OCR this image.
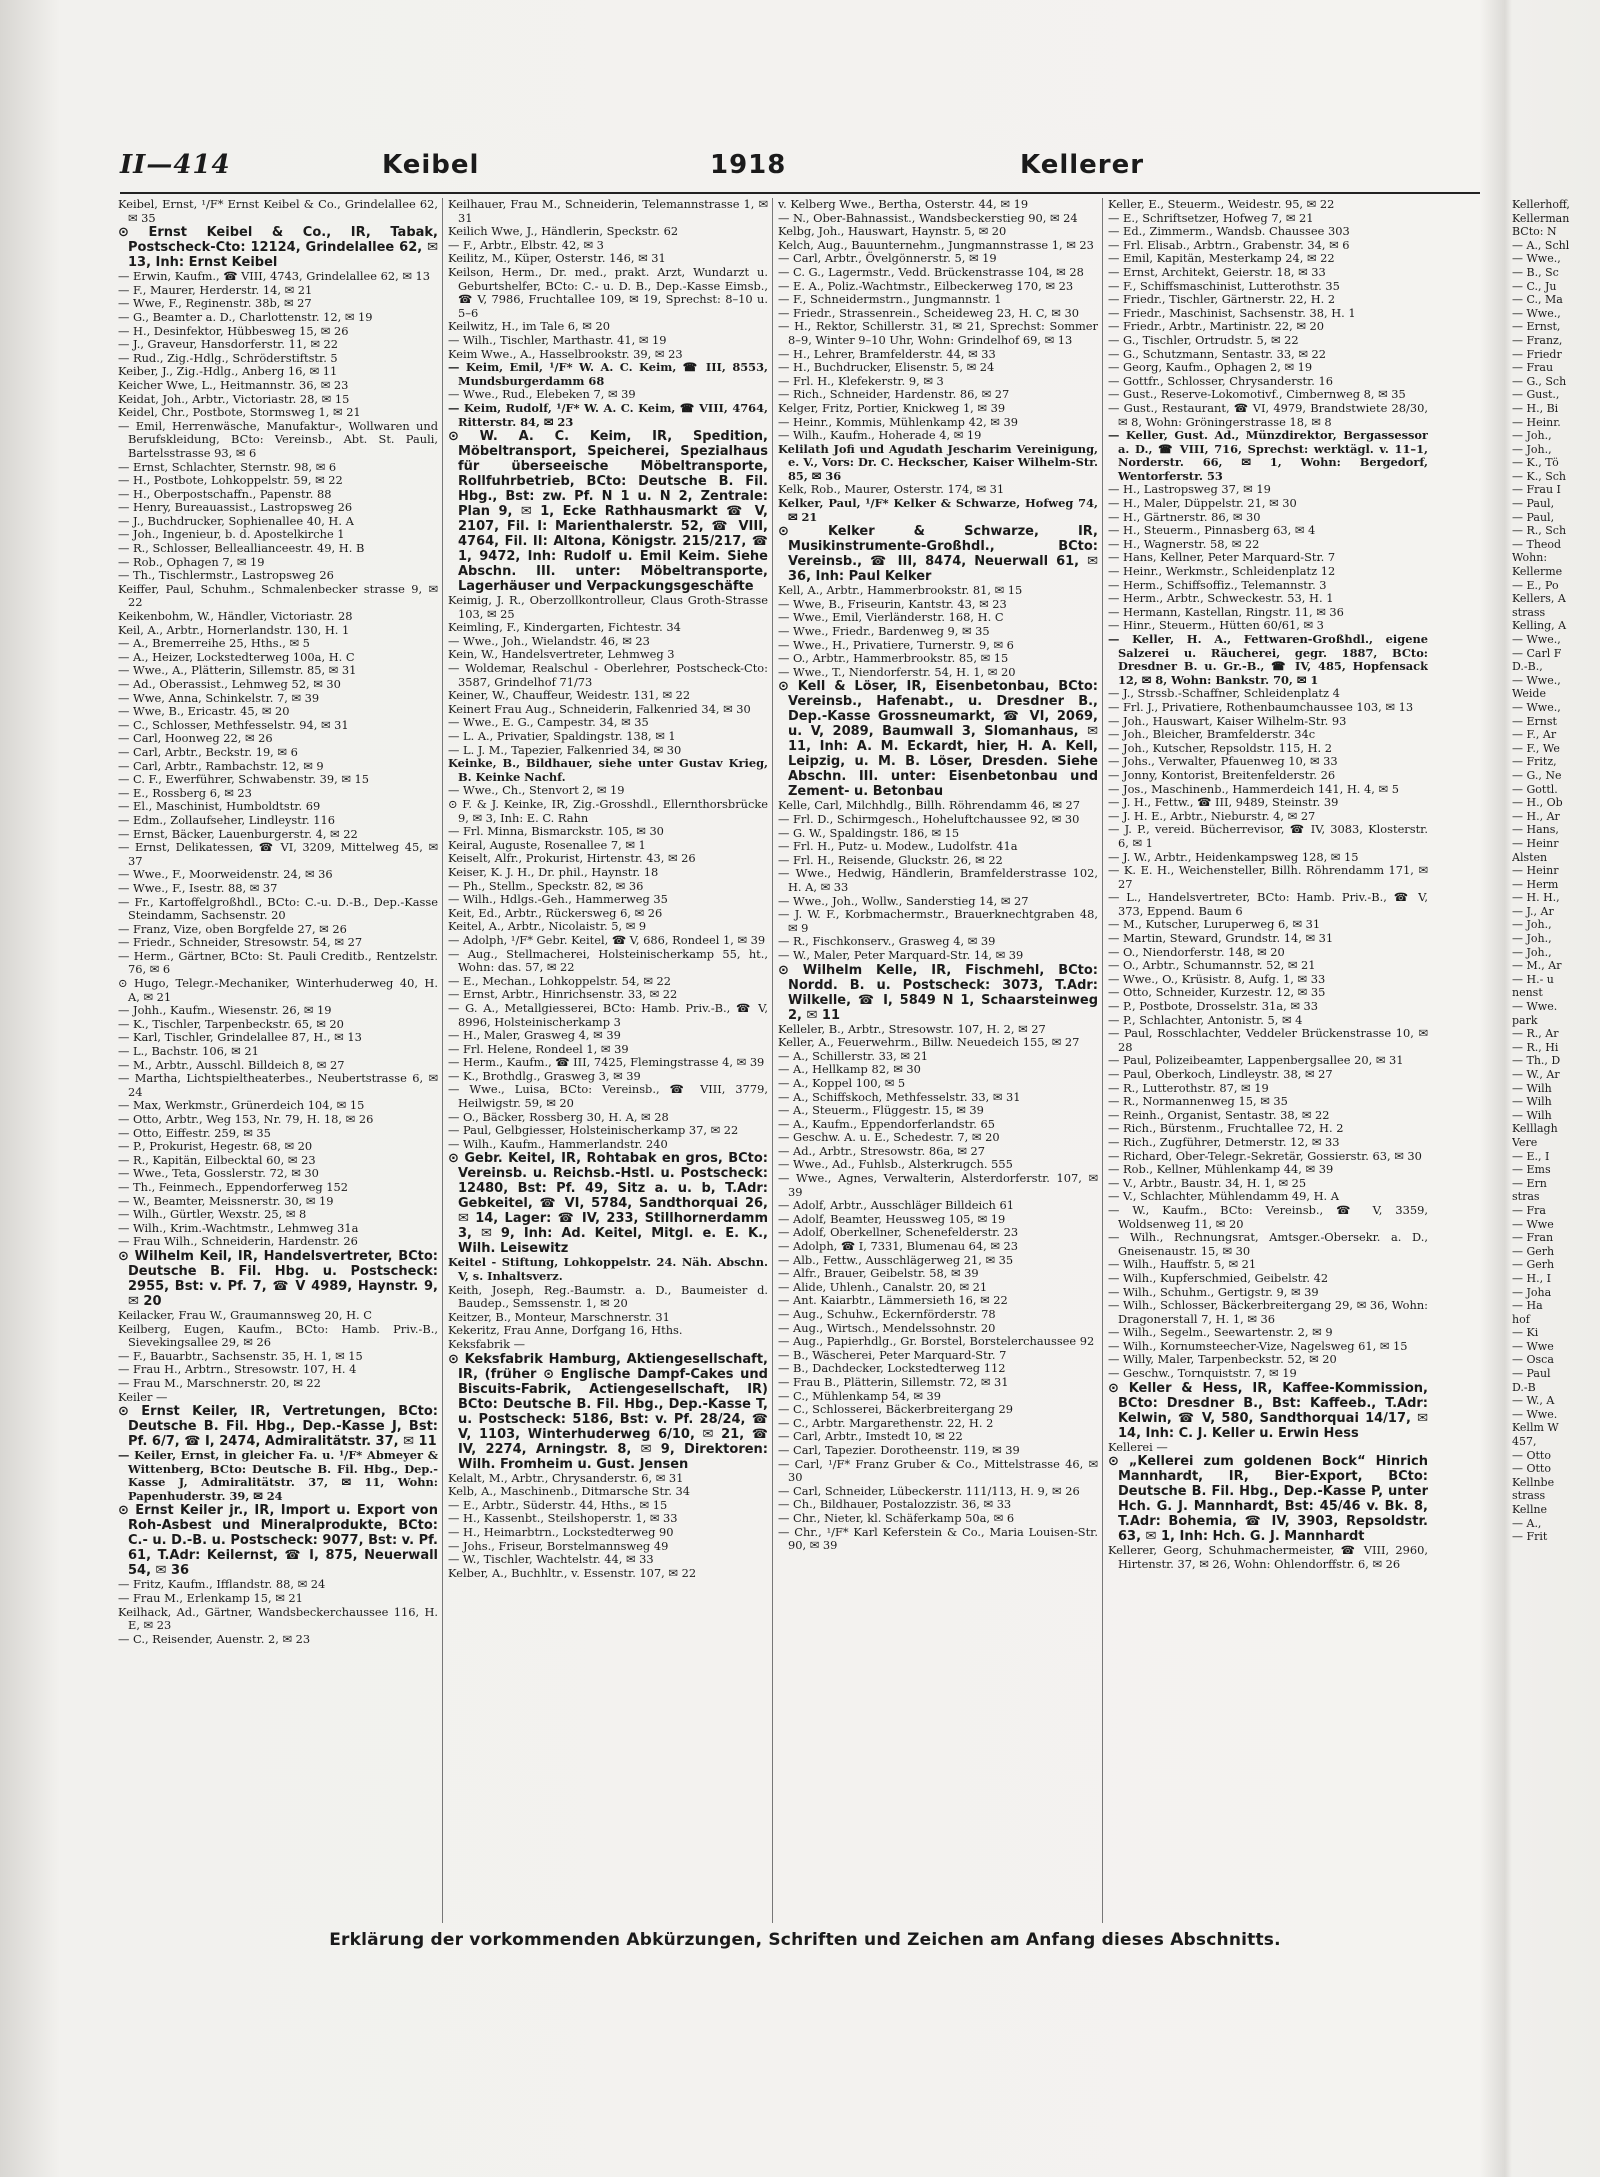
II—414	Keibel	1918	Kellerer

Keibel, Ernst, ¹/F* Ernst Keibel & Co., Grindelallee 62, ✉ 35

⊙ Ernst Keibel & Co., IR, Tabak, Postscheck-Cto: 12124, Grindelallee 62, ✉ 13, Inh: Ernst Keibel

— Erwin, Kaufm., ☎ VIII, 4743, Grindelallee 62, ✉ 13

— F., Maurer, Herderstr. 14, ✉ 21

— Wwe, F., Reginenstr. 38b, ✉ 27

— G., Beamter a. D., Charlottenstr. 12, ✉ 19

— H., Desinfektor, Hübbesweg 15, ✉ 26

— J., Graveur, Hansdorferstr. 11, ✉ 22

— Rud., Zig.-Hdlg., Schröderstiftstr. 5

Keiber, J., Zig.-Hdlg., Anberg 16, ✉ 11

Keicher Wwe, L., Heitmannstr. 36, ✉ 23

Keidat, Joh., Arbtr., Victoriastr. 28, ✉ 15

Keidel, Chr., Postbote, Stormsweg 1, ✉ 21

— Emil, Herrenwäsche, Manufaktur-, Wollwaren und Berufskleidung, BCto: Vereinsb., Abt. St. Pauli, Bartelsstrasse 93, ✉ 6

— Ernst, Schlachter, Sternstr. 98, ✉ 6

— H., Postbote, Lohkoppelstr. 59, ✉ 22

— H., Oberpostschaffn., Papenstr. 88

— Henry, Bureauassist., Lastropsweg 26

— J., Buchdrucker, Sophienallee 40, H. A

— Joh., Ingenieur, b. d. Apostelkirche 1

— R., Schlosser, Belleallianceestr. 49, H. B

— Rob., Ophagen 7, ✉ 19

— Th., Tischlermstr., Lastropsweg 26

Keiffer, Paul, Schuhm., Schmalenbecker strasse 9, ✉ 22

Keikenbohm, W., Händler, Victoriastr. 28

Keil, A., Arbtr., Hornerlandstr. 130, H. 1

— A., Bremerreihe 25, Hths., ✉ 5

— A., Heizer, Lockstedterweg 100a, H. C

— Wwe., A., Plätterin, Sillemstr. 85, ✉ 31

— Ad., Oberassist., Lehmweg 52, ✉ 30

— Wwe, Anna, Schinkelstr. 7, ✉ 39

— Wwe, B., Ericastr. 45, ✉ 20

— C., Schlosser, Methfesselstr. 94, ✉ 31

— Carl, Hoonweg 22, ✉ 26

— Carl, Arbtr., Beckstr. 19, ✉ 6

— Carl, Arbtr., Rambachstr. 12, ✉ 9

— C. F., Ewerführer, Schwabenstr. 39, ✉ 15

— E., Rossberg 6, ✉ 23

— El., Maschinist, Humboldtstr. 69

— Edm., Zollaufseher, Lindleystr. 116

— Ernst, Bäcker, Lauenburgerstr. 4, ✉ 22

— Ernst, Delikatessen, ☎ VI, 3209, Mittelweg 45, ✉ 37

— Wwe., F., Moorweidenstr. 24, ✉ 36

— Wwe., F., Isestr. 88, ✉ 37

— Fr., Kartoffelgroßhdl., BCto: C.-u. D.-B., Dep.-Kasse Steindamm, Sachsenstr. 20

— Franz, Vize, oben Borgfelde 27, ✉ 26

— Friedr., Schneider, Stresowstr. 54, ✉ 27

— Herm., Gärtner, BCto: St. Pauli Creditb., Rentzelstr. 76, ✉ 6

⊙ Hugo, Telegr.-Mechaniker, Winterhuderweg 40, H. A, ✉ 21

— Johh., Kaufm., Wiesenstr. 26, ✉ 19

— K., Tischler, Tarpenbeckstr. 65, ✉ 20

— Karl, Tischler, Grindelallee 87, H., ✉ 13

— L., Bachstr. 106, ✉ 21

— M., Arbtr., Ausschl. Billdeich 8, ✉ 27

— Martha, Lichtspieltheaterbes., Neubertstrasse 6, ✉ 24

— Max, Werkmstr., Grünerdeich 104, ✉ 15

— Otto, Arbtr., Weg 153, Nr. 79, H. 18, ✉ 26

— Otto, Eiffestr. 259, ✉ 35

— P., Prokurist, Hegestr. 68, ✉ 20

— R., Kapitän, Eilbecktal 60, ✉ 23

— Wwe., Teta, Gosslerstr. 72, ✉ 30

— Th., Feinmech., Eppendorferweg 152

— W., Beamter, Meissnerstr. 30, ✉ 19

— Wilh., Gürtler, Wexstr. 25, ✉ 8

— Wilh., Krim.-Wachtmstr., Lehmweg 31a

— Frau Wilh., Schneiderin, Hardenstr. 26

⊙ Wilhelm Keil, IR, Handelsvertreter, BCto: Deutsche B. Fil. Hbg. u. Postscheck: 2955, Bst: v. Pf. 7, ☎ V 4989, Haynstr. 9, ✉ 20

Keilacker, Frau W., Graumannsweg 20, H. C

Keilberg, Eugen, Kaufm., BCto: Hamb. Priv.-B., Sievekingsallee 29, ✉ 26

— F., Bauarbtr., Sachsenstr. 35, H. 1, ✉ 15

— Frau H., Arbtrn., Stresowstr. 107, H. 4

— Frau M., Marschnerstr. 20, ✉ 22

Keiler —

⊙ Ernst Keiler, IR, Vertretungen, BCto: Deutsche B. Fil. Hbg., Dep.-Kasse J, Bst: Pf. 6/7, ☎ I, 2474, Admiralitätstr. 37, ✉ 11

— Keiler, Ernst, in gleicher Fa. u. ¹/F* Abmeyer & Wittenberg, BCto: Deutsche B. Fil. Hbg., Dep.-Kasse J, Admiralitätstr. 37, ✉ 11, Wohn: Papenhuderstr. 39, ✉ 24

⊙ Ernst Keiler jr., IR, Import u. Export von Roh-Asbest und Mineralprodukte, BCto: C.- u. D.-B. u. Postscheck: 9077, Bst: v. Pf. 61, T.Adr: Keilernst, ☎ I, 875, Neuerwall 54, ✉ 36

— Fritz, Kaufm., Ifflandstr. 88, ✉ 24

— Frau M., Erlenkamp 15, ✉ 21

Keilhack, Ad., Gärtner, Wandsbeckerchaussee 116, H. E, ✉ 23

— C., Reisender, Auenstr. 2, ✉ 23

Keilhauer, Frau M., Schneiderin, Telemannstrasse 1, ✉ 31

Keilich Wwe, J., Händlerin, Speckstr. 62

— F., Arbtr., Elbstr. 42, ✉ 3

Keilitz, M., Küper, Osterstr. 146, ✉ 31

Keilson, Herm., Dr. med., prakt. Arzt, Wundarzt u. Geburtshelfer, BCto: C.- u. D. B., Dep.-Kasse Eimsb., ☎ V, 7986, Fruchtallee 109, ✉ 19, Sprechst: 8–10 u. 5–6

Keilwitz, H., im Tale 6, ✉ 20

— Wilh., Tischler, Marthastr. 41, ✉ 19

Keim Wwe., A., Hasselbrookstr. 39, ✉ 23

— Keim, Emil, ¹/F* W. A. C. Keim, ☎ III, 8553, Mundsburgerdamm 68

— Wwe., Rud., Elebeken 7, ✉ 39

— Keim, Rudolf, ¹/F* W. A. C. Keim, ☎ VIII, 4764, Ritterstr. 84, ✉ 23

⊙ W. A. C. Keim, IR, Spedition, Möbeltransport, Speicherei, Spezialhaus für überseeische Möbeltransporte, Rollfuhrbetrieb, BCto: Deutsche B. Fil. Hbg., Bst: zw. Pf. N 1 u. N 2, Zentrale: Plan 9, ✉ 1, Ecke Rathhausmarkt ☎ V, 2107, Fil. I: Marienthalerstr. 52, ☎ VIII, 4764, Fil. II: Altona, Königstr. 215/217, ☎ 1, 9472, Inh: Rudolf u. Emil Keim. Siehe Abschn. III. unter: Möbeltransporte, Lagerhäuser und Verpackungsgeschäfte

Keimig, J. R., Oberzollkontrolleur, Claus Groth-Strasse 103, ✉ 25

Keimling, F., Kindergarten, Fichtestr. 34

— Wwe., Joh., Wielandstr. 46, ✉ 23

Kein, W., Handelsvertreter, Lehmweg 3

— Woldemar, Realschul - Oberlehrer, Postscheck-Cto: 3587, Grindelhof 71/73

Keiner, W., Chauffeur, Weidestr. 131, ✉ 22

Keinert Frau Aug., Schneiderin, Falkenried 34, ✉ 30

— Wwe., E. G., Campestr. 34, ✉ 35

— L. A., Privatier, Spaldingstr. 138, ✉ 1

— L. J. M., Tapezier, Falkenried 34, ✉ 30

Keinke, B., Bildhauer, siehe unter Gustav Krieg, B. Keinke Nachf.

— Wwe., Ch., Stenvort 2, ✉ 19

⊙ F. & J. Keinke, IR, Zig.-Grosshdl., Ellernthorsbrücke 9, ✉ 3, Inh: E. C. Rahn

— Frl. Minna, Bismarckstr. 105, ✉ 30

Keiral, Auguste, Rosenallee 7, ✉ 1

Keiselt, Alfr., Prokurist, Hirtenstr. 43, ✉ 26

Keiser, K. J. H., Dr. phil., Haynstr. 18

— Ph., Stellm., Speckstr. 82, ✉ 36

— Wilh., Hdlgs.-Geh., Hammerweg 35

Keit, Ed., Arbtr., Rückersweg 6, ✉ 26

Keitel, A., Arbtr., Nicolaistr. 5, ✉ 9

— Adolph, ¹/F* Gebr. Keitel, ☎ V, 686, Rondeel 1, ✉ 39

— Aug., Stellmacherei, Holsteinischerkamp 55, ht., Wohn: das. 57, ✉ 22

— E., Mechan., Lohkoppelstr. 54, ✉ 22

— Ernst, Arbtr., Hinrichsenstr. 33, ✉ 22

— G. A., Metallgiesserei, BCto: Hamb. Priv.-B., ☎ V, 8996, Holsteinischerkamp 3

— H., Maler, Grasweg 4, ✉ 39

— Frl. Helene, Rondeel 1, ✉ 39

— Herm., Kaufm., ☎ III, 7425, Flemingstrasse 4, ✉ 39

— K., Brothdlg., Grasweg 3, ✉ 39

— Wwe., Luisa, BCto: Vereinsb., ☎ VIII, 3779, Heilwigstr. 59, ✉ 20

— O., Bäcker, Rossberg 30, H. A, ✉ 28

— Paul, Gelbgiesser, Holsteinischerkamp 37, ✉ 22

— Wilh., Kaufm., Hammerlandstr. 240

⊙ Gebr. Keitel, IR, Rohtabak en gros, BCto: Vereinsb. u. Reichsb.-Hstl. u. Postscheck: 12480, Bst: Pf. 49, Sitz a. u. b, T.Adr: Gebkeitel, ☎ VI, 5784, Sandthorquai 26, ✉ 14, Lager: ☎ IV, 233, Stillhornerdamm 3, ✉ 9, Inh: Ad. Keitel, Mitgl. e. E. K., Wilh. Leisewitz

Keitel - Stiftung, Lohkoppelstr. 24. Näh. Abschn. V, s. Inhaltsverz.

Keith, Joseph, Reg.-Baumstr. a. D., Baumeister d. Baudep., Semssenstr. 1, ✉ 20

Keitzer, B., Monteur, Marschnerstr. 31

Kekeritz, Frau Anne, Dorfgang 16, Hths.

Keksfabrik —

⊙ Keksfabrik Hamburg, Aktiengesellschaft, IR, (früher ⊙ Englische Dampf-Cakes und Biscuits-Fabrik, Actiengesellschaft, IR) BCto: Deutsche B. Fil. Hbg., Dep.-Kasse T, u. Postscheck: 5186, Bst: v. Pf. 28/24, ☎ V, 1103, Winterhuderweg 6/10, ✉ 21, ☎ IV, 2274, Arningstr. 8, ✉ 9, Direktoren: Wilh. Fromheim u. Gust. Jensen

Kelalt, M., Arbtr., Chrysanderstr. 6, ✉ 31

Kelb, A., Maschinenb., Ditmarsche Str. 34

— E., Arbtr., Süderstr. 44, Hths., ✉ 15

— H., Kassenbt., Steilshoperstr. 1, ✉ 33

— H., Heimarbtrn., Lockstedterweg 90

— Johs., Friseur, Borstelmannsweg 49

— W., Tischler, Wachtelstr. 44, ✉ 33

Kelber, A., Buchhltr., v. Essenstr. 107, ✉ 22

v. Kelberg Wwe., Bertha, Osterstr. 44, ✉ 19

— N., Ober-Bahnassist., Wandsbeckerstieg 90, ✉ 24

Kelbg, Joh., Hauswart, Haynstr. 5, ✉ 20

Kelch, Aug., Bauunternehm., Jungmannstrasse 1, ✉ 23

— Carl, Arbtr., Övelgönnerstr. 5, ✉ 19

— C. G., Lagermstr., Vedd. Brückenstrasse 104, ✉ 28

— E. A., Poliz.-Wachtmstr., Eilbeckerweg 170, ✉ 23

— F., Schneidermstrn., Jungmannstr. 1

— Friedr., Strassenrein., Scheideweg 23, H. C, ✉ 30

— H., Rektor, Schillerstr. 31, ✉ 21, Sprechst: Sommer 8–9, Winter 9–10 Uhr, Wohn: Grindelhof 69, ✉ 13

— H., Lehrer, Bramfelderstr. 44, ✉ 33

— H., Buchdrucker, Elisenstr. 5, ✉ 24

— Frl. H., Klefekerstr. 9, ✉ 3

— Rich., Schneider, Hardenstr. 86, ✉ 27

Kelger, Fritz, Portier, Knickweg 1, ✉ 39

— Heinr., Kommis, Mühlenkamp 42, ✉ 39

— Wilh., Kaufm., Hoherade 4, ✉ 19

Kelilath Jofi und Agudath Jescharim Vereinigung, e. V., Vors: Dr. C. Heckscher, Kaiser Wilhelm-Str. 85, ✉ 36

Kelk, Rob., Maurer, Osterstr. 174, ✉ 31

Kelker, Paul, ¹/F* Kelker & Schwarze, Hofweg 74, ✉ 21

⊙ Kelker & Schwarze, IR, Musikinstrumente-Großhdl., BCto: Vereinsb., ☎ III, 8474, Neuerwall 61, ✉ 36, Inh: Paul Kelker

Kell, A., Arbtr., Hammerbrookstr. 81, ✉ 15

— Wwe, B., Friseurin, Kantstr. 43, ✉ 23

— Wwe., Emil, Vierländerstr. 168, H. C

— Wwe., Friedr., Bardenweg 9, ✉ 35

— Wwe., H., Privatiere, Turnerstr. 9, ✉ 6

— O., Arbtr., Hammerbrookstr. 85, ✉ 15

— Wwe., T., Niendorferstr. 54, H. 1, ✉ 20

⊙ Kell & Löser, IR, Eisenbetonbau, BCto: Vereinsb., Hafenabt., u. Dresdner B., Dep.-Kasse Grossneumarkt, ☎ VI, 2069, u. V, 2089, Baumwall 3, Slomanhaus, ✉ 11, Inh: A. M. Eckardt, hier, H. A. Kell, Leipzig, u. M. B. Löser, Dresden. Siehe Abschn. III. unter: Eisenbetonbau und Zement- u. Betonbau

Kelle, Carl, Milchhdlg., Billh. Röhrendamm 46, ✉ 27

— Frl. D., Schirmgesch., Hoheluftchaussee 92, ✉ 30

— G. W., Spaldingstr. 186, ✉ 15

— Frl. H., Putz- u. Modew., Ludolfstr. 41a

— Frl. H., Reisende, Gluckstr. 26, ✉ 22

— Wwe., Hedwig, Händlerin, Bramfelderstrasse 102, H. A, ✉ 33

— Wwe., Joh., Wollw., Sanderstieg 14, ✉ 27

— J. W. F., Korbmachermstr., Brauerknechtgraben 48, ✉ 9

— R., Fischkonserv., Grasweg 4, ✉ 39

— W., Maler, Peter Marquard-Str. 14, ✉ 39

⊙ Wilhelm Kelle, IR, Fischmehl, BCto: Nordd. B. u. Postscheck: 3073, T.Adr: Wilkelle, ☎ I, 5849 N 1, Schaarsteinweg 2, ✉ 11

Kelleler, B., Arbtr., Stresowstr. 107, H. 2, ✉ 27

Keller, A., Feuerwehrm., Billw. Neuedeich 155, ✉ 27

— A., Schillerstr. 33, ✉ 21

— A., Hellkamp 82, ✉ 30

— A., Koppel 100, ✉ 5

— A., Schiffskoch, Methfesselstr. 33, ✉ 31

— A., Steuerm., Flüggestr. 15, ✉ 39

— A., Kaufm., Eppendorferlandstr. 65

— Geschw. A. u. E., Schedestr. 7, ✉ 20

— Ad., Arbtr., Stresowstr. 86a, ✉ 27

— Wwe., Ad., Fuhlsb., Alsterkrugch. 555

— Wwe., Agnes, Verwalterin, Alsterdorferstr. 107, ✉ 39

— Adolf, Arbtr., Ausschläger Billdeich 61

— Adolf, Beamter, Heussweg 105, ✉ 19

— Adolf, Oberkellner, Schenefelderstr. 23

— Adolph, ☎ I, 7331, Blumenau 64, ✉ 23

— Alb., Fettw., Ausschlägerweg 21, ✉ 35

— Alfr., Brauer, Geibelstr. 58, ✉ 39

— Alide, Uhlenh., Canalstr. 20, ✉ 21

— Ant. Kaiarbtr., Lämmersieth 16, ✉ 22

— Aug., Schuhw., Eckernförderstr. 78

— Aug., Wirtsch., Mendelssohnstr. 20

— Aug., Papierhdlg., Gr. Borstel, Borstelerchaussee 92

— B., Wäscherei, Peter Marquard-Str. 7

— B., Dachdecker, Lockstedterweg 112

— Frau B., Plätterin, Sillemstr. 72, ✉ 31

— C., Mühlenkamp 54, ✉ 39

— C., Schlosserei, Bäckerbreitergang 29

— C., Arbtr. Margarethenstr. 22, H. 2

— Carl, Arbtr., Imstedt 10, ✉ 22

— Carl, Tapezier. Dorotheenstr. 119, ✉ 39

— Carl, ¹/F* Franz Gruber & Co., Mittelstrasse 46, ✉ 30

— Carl, Schneider, Lübeckerstr. 111/113, H. 9, ✉ 26

— Ch., Bildhauer, Postalozzistr. 36, ✉ 33

— Chr., Nieter, kl. Schäferkamp 50a, ✉ 6

— Chr., ¹/F* Karl Keferstein & Co., Maria Louisen-Str. 90, ✉ 39

Keller, E., Steuerm., Weidestr. 95, ✉ 22

— E., Schriftsetzer, Hofweg 7, ✉ 21

— Ed., Zimmerm., Wandsb. Chaussee 303

— Frl. Elisab., Arbtrn., Grabenstr. 34, ✉ 6

— Emil, Kapitän, Mesterkamp 24, ✉ 22

— Ernst, Architekt, Geierstr. 18, ✉ 33

— F., Schiffsmaschinist, Lutterothstr. 35

— Friedr., Tischler, Gärtnerstr. 22, H. 2

— Friedr., Maschinist, Sachsenstr. 38, H. 1

— Friedr., Arbtr., Martinistr. 22, ✉ 20

— G., Tischler, Ortrudstr. 5, ✉ 22

— G., Schutzmann, Sentastr. 33, ✉ 22

— Georg, Kaufm., Ophagen 2, ✉ 19

— Gottfr., Schlosser, Chrysanderstr. 16

— Gust., Reserve-Lokomotivf., Cimbernweg 8, ✉ 35

— Gust., Restaurant, ☎ VI, 4979, Brandstwiete 28/30, ✉ 8, Wohn: Gröningerstrasse 18, ✉ 8

— Keller, Gust. Ad., Münzdirektor, Bergassessor a. D., ☎ VIII, 716, Sprechst: werktägl. v. 11–1, Norderstr. 66, ✉ 1, Wohn: Bergedorf, Wentorferstr. 53

— H., Lastropsweg 37, ✉ 19

— H., Maler, Düppelstr. 21, ✉ 30

— H., Gärtnerstr. 86, ✉ 30

— H., Steuerm., Pinnasberg 63, ✉ 4

— H., Wagnerstr. 58, ✉ 22

— Hans, Kellner, Peter Marquard-Str. 7

— Heinr., Werkmstr., Schleidenplatz 12

— Herm., Schiffsoffiz., Telemannstr. 3

— Herm., Arbtr., Schweckestr. 53, H. 1

— Hermann, Kastellan, Ringstr. 11, ✉ 36

— Hinr., Steuerm., Hütten 60/61, ✉ 3

— Keller, H. A., Fettwaren-Großhdl., eigene Salzerei u. Räucherei, gegr. 1887, BCto: Dresdner B. u. Gr.-B., ☎ IV, 485, Hopfensack 12, ✉ 8, Wohn: Bankstr. 70, ✉ 1

— J., Strssb.-Schaffner, Schleidenplatz 4

— Frl. J., Privatiere, Rothenbaumchaussee 103, ✉ 13

— Joh., Hauswart, Kaiser Wilhelm-Str. 93

— Joh., Bleicher, Bramfelderstr. 34c

— Joh., Kutscher, Repsoldstr. 115, H. 2

— Johs., Verwalter, Pfauenweg 10, ✉ 33

— Jonny, Kontorist, Breitenfelderstr. 26

— Jos., Maschinenb., Hammerdeich 141, H. 4, ✉ 5

— J. H., Fettw., ☎ III, 9489, Steinstr. 39

— J. H. E., Arbtr., Nieburstr. 4, ✉ 27

— J. P., vereid. Bücherrevisor, ☎ IV, 3083, Klosterstr. 6, ✉ 1

— J. W., Arbtr., Heidenkampsweg 128, ✉ 15

— K. E. H., Weichensteller, Billh. Röhrendamm 171, ✉ 27

— L., Handelsvertreter, BCto: Hamb. Priv.-B., ☎ V, 373, Eppend. Baum 6

— M., Kutscher, Luruperweg 6, ✉ 31

— Martin, Steward, Grundstr. 14, ✉ 31

— O., Niendorferstr. 148, ✉ 20

— O., Arbtr., Schumannstr. 52, ✉ 21

— Wwe., O., Krüsistr. 8, Aufg. 1, ✉ 33

— Otto, Schneider, Kurzestr. 12, ✉ 35

— P., Postbote, Drosselstr. 31a, ✉ 33

— P., Schlachter, Antonistr. 5, ✉ 4

— Paul, Rosschlachter, Veddeler Brückenstrasse 10, ✉ 28

— Paul, Polizeibeamter, Lappenbergsallee 20, ✉ 31

— Paul, Oberkoch, Lindleystr. 38, ✉ 27

— R., Lutterothstr. 87, ✉ 19

— R., Normannenweg 15, ✉ 35

— Reinh., Organist, Sentastr. 38, ✉ 22

— Rich., Bürstenm., Fruchtallee 72, H. 2

— Rich., Zugführer, Detmerstr. 12, ✉ 33

— Richard, Ober-Telegr.-Sekretär, Gossierstr. 63, ✉ 30

— Rob., Kellner, Mühlenkamp 44, ✉ 39

— V., Arbtr., Baustr. 34, H. 1, ✉ 25

— V., Schlachter, Mühlendamm 49, H. A

— W., Kaufm., BCto: Vereinsb., ☎ V, 3359, Woldsenweg 11, ✉ 20

— Wilh., Rechnungsrat, Amtsger.-Obersekr. a. D., Gneisenaustr. 15, ✉ 30

— Wilh., Hauffstr. 5, ✉ 21

— Wilh., Kupferschmied, Geibelstr. 42

— Wilh., Schuhm., Gertigstr. 9, ✉ 39

— Wilh., Schlosser, Bäckerbreitergang 29, ✉ 36, Wohn: Dragonerstall 7, H. 1, ✉ 36

— Wilh., Segelm., Seewartenstr. 2, ✉ 9

— Wilh., Kornumsteecher-Vize, Nagelsweg 61, ✉ 15

— Willy, Maler, Tarpenbeckstr. 52, ✉ 20

— Geschw., Tornquiststr. 7, ✉ 19

⊙ Keller & Hess, IR, Kaffee-Kommission, BCto: Dresdner B., Bst: Kaffeeb., T.Adr: Kelwin, ☎ V, 580, Sandthorquai 14/17, ✉ 14, Inh: C. J. Keller u. Erwin Hess

Kellerei —

⊙ „Kellerei zum goldenen Bock“ Hinrich Mannhardt, IR, Bier-Export, BCto: Deutsche B. Fil. Hbg., Dep.-Kasse P, unter Hch. G. J. Mannhardt, Bst: 45/46 v. Bk. 8, T.Adr: Bohemia, ☎ IV, 3903, Repsoldstr. 63, ✉ 1, Inh: Hch. G. J. Mannhardt

Kellerer, Georg, Schuhmachermeister, ☎ VIII, 2960, Hirtenstr. 37, ✉ 26, Wohn: Ohlendorffstr. 6, ✉ 26

Kellerhoff,

Kellerman

BCto: N

— A., Schl

— Wwe.,

— B., Sc

— C., Ju

— C., Ma

— Wwe.,

— Ernst,

— Franz,

— Friedr

— Frau

— G., Sch

— Gust.,

— H., Bi

— Heinr.

— Joh.,

— Joh.,

— K., Tö

— K., Sch

— Frau I

— Paul,

— Paul,

— R., Sch

— Theod

Wohn:

Kellerme

— E., Po

Kellers, A

strass

Kelling, A

— Wwe.,

— Carl F

D.-B.,

— Wwe.,

Weide

— Wwe.,

— Ernst

— F., Ar

— F., We

— Fritz,

— G., Ne

— Gottl.

— H., Ob

— H., Ar

— Hans,

— Heinr

Alsten

— Heinr

— Herm

— H. H.,

— J., Ar

— Joh.,

— Joh.,

— Joh.,

— M., Ar

— H.- u

nenst

— Wwe.

park

— R., Ar

— R., Hi

— Th., D

— W., Ar

— Wilh

— Wilh

— Wilh

Kelllagh

Vere

— E., I

— Ems

— Ern

stras

— Fra

— Wwe

— Fran

— Gerh

— Gerh

— H., I

— Joha

— Ha

hof

— Ki

— Wwe

— Osca

— Paul

D.-B

— W., A

— Wwe.

Kellm W

457,

— Otto

— Otto

Kellnbe

strass

Kellne

— A.,

— Frit

Erklärung der vorkommenden Abkürzungen, Schriften und Zeichen am Anfang dieses Abschnitts.
